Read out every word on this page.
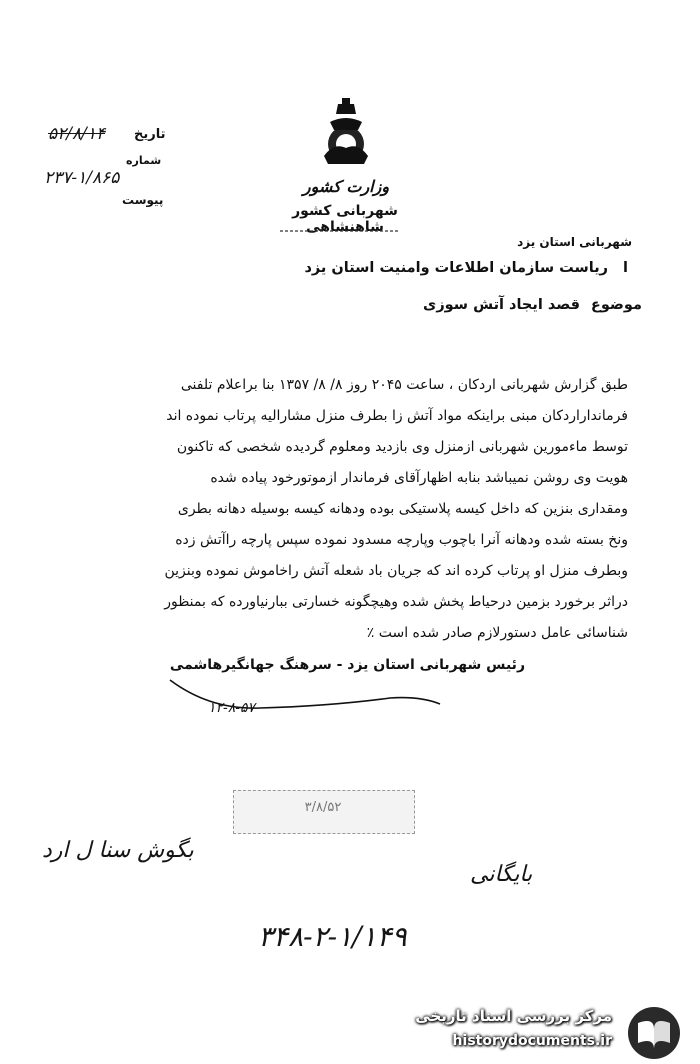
وزارت کشور
شهربانی کشور شاهنشاهی
۵۲/۸/۱۴ تاریخ
شماره
۲۳۷-۱/۸۶۵
پیوست
شهربانی استان یزد
ریاست سازمان اطلاعات وامنیت استان یزد ا
موضوع
قصد ایجاد آتش سوزی
طبق گزارش شهربانی اردکان ، ساعت ۲۰۴۵ روز ۸/ ۸/ ۱۳۵۷ بنا براعلام تلفنی
فرمانداراردکان مبنی براینکه مواد آتش زا بطرف منزل مشارالیه پرتاب نموده اند
توسط ماءمورین شهربانی ازمنزل وی بازدید ومعلوم گردیده شخصی که تاکنون
هویت وی روشن نمیباشد بنابه اظهارآقای فرماندار ازموتورخود پیاده شده
ومقداری بنزین که داخل کیسه پلاستیکی بوده ودهانه کیسه بوسیله دهانه بطری
ونخ بسته شده ودهانه آنرا باچوب وپارچه مسدود نموده سپس پارچه راآتش زده
وبطرف منزل او پرتاب کرده اند که جریان باد شعله آتش راخاموش نموده وبنزین
دراثر برخورد بزمین درحیاط پخش شده وهیچگونه خسارتی ببارنیاورده که بمنظور
شناسائی عامل دستورلازم صادر شده است ٪
رئیس شهربانی استان یزد - سرهنگ جهانگیرهاشمی
۱۲-۸-۵۷
۳/۸/۵۲
بگوش سنا ل ارد
بایگانی
۳۴۸-۲-۱/۱۴۹
مرکز بررسی اسناد تاریخی
historydocuments.ir
